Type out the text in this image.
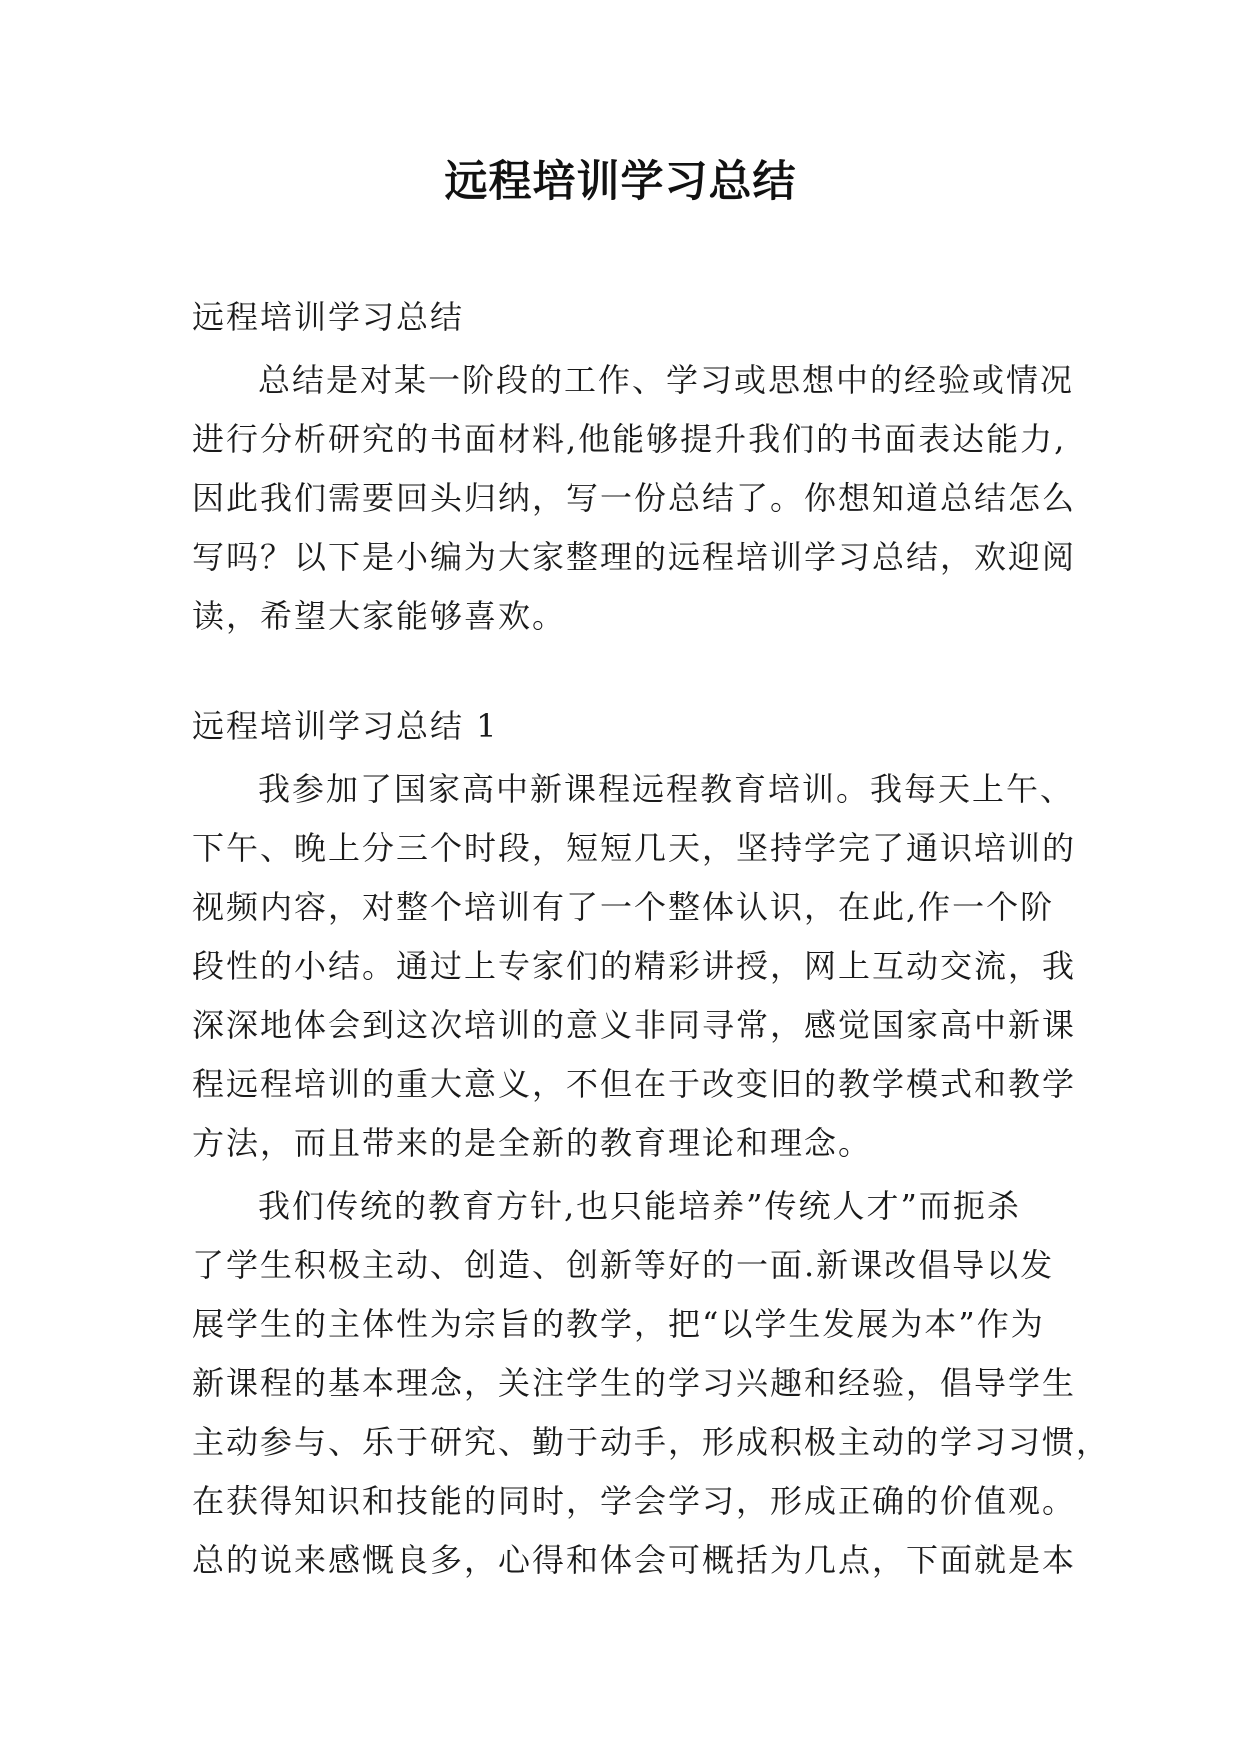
远程培训学习总结
远程培训学习总结
总结是对某一阶段的工作、学习或思想中的经验或情况
进行分析研究的书面材料,他能够提升我们的书面表达能力,
因此我们需要回头归纳，写一份总结了。你想知道总结怎么
写吗？以下是小编为大家整理的远程培训学习总结，欢迎阅
读，希望大家能够喜欢。
远程培训学习总结 1
我参加了国家高中新课程远程教育培训。我每天上午、
下午、晚上分三个时段，短短几天，坚持学完了通识培训的
视频内容，对整个培训有了一个整体认识，在此,作一个阶
段性的小结。通过上专家们的精彩讲授，网上互动交流，我
深深地体会到这次培训的意义非同寻常，感觉国家高中新课
程远程培训的重大意义，不但在于改变旧的教学模式和教学
方法，而且带来的是全新的教育理论和理念。
我们传统的教育方针,也只能培养”传统人才”而扼杀
了学生积极主动、创造、创新等好的一面.新课改倡导以发
展学生的主体性为宗旨的教学，把“以学生发展为本”作为
新课程的基本理念，关注学生的学习兴趣和经验，倡导学生
主动参与、乐于研究、勤于动手，形成积极主动的学习习惯，
在获得知识和技能的同时，学会学习，形成正确的价值观。
总的说来感慨良多，心得和体会可概括为几点，下面就是本
